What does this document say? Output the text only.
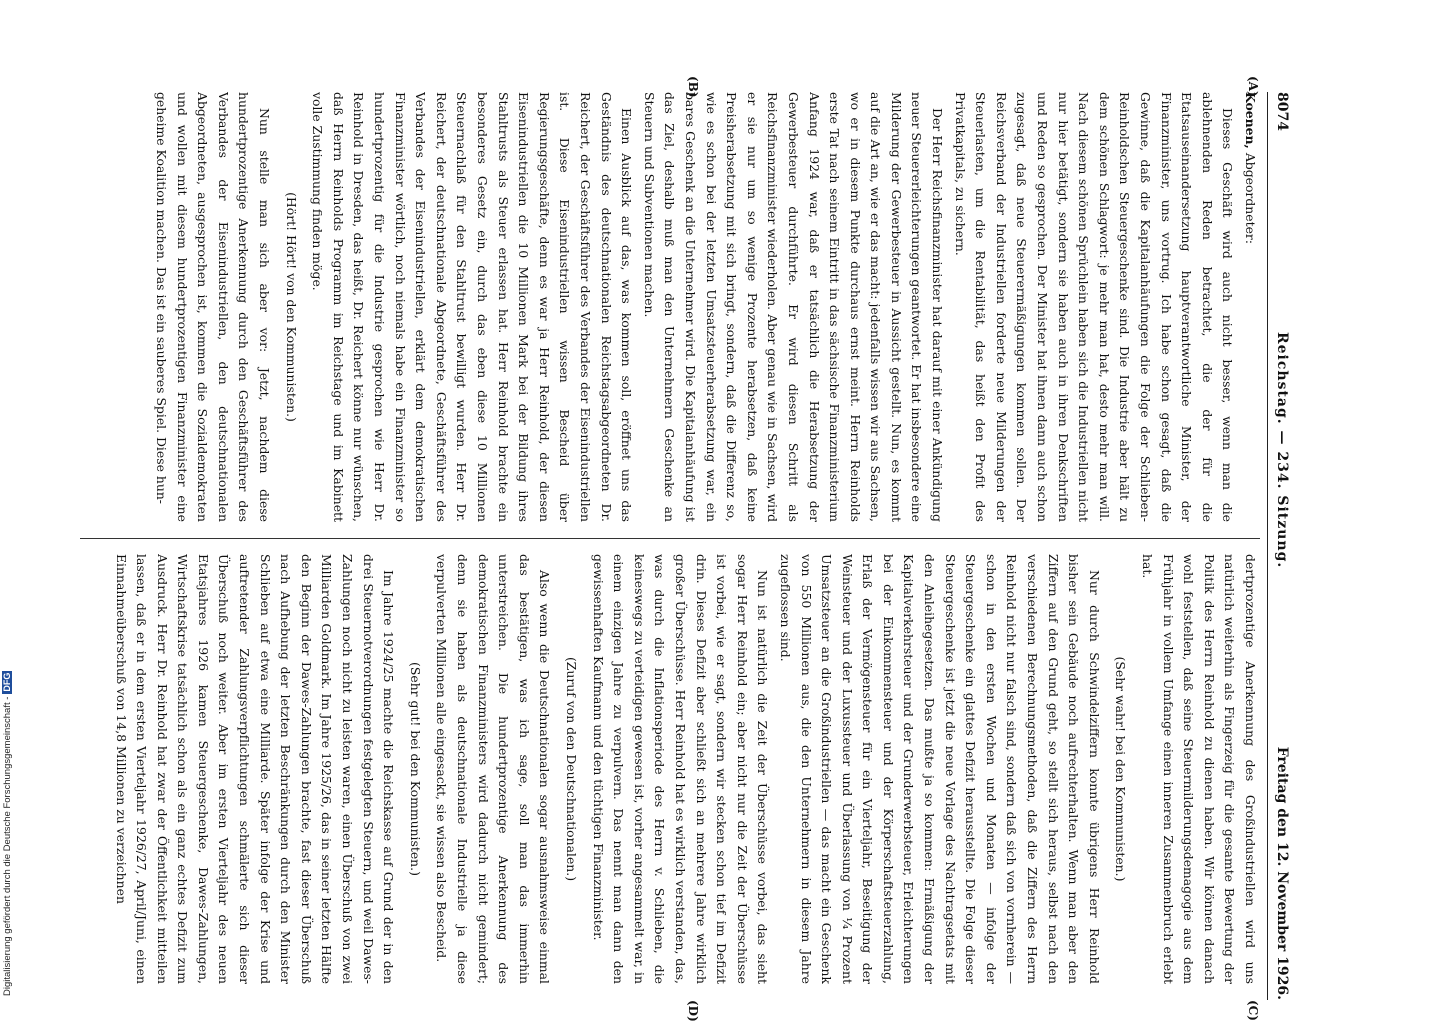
8074
Reichstag. — 234. Sitzung.
Freitag den 12. November 1926.
(A)
(B)
(C)
(D)

Koenen, Abgeordneter:

Dieses Geschäft wird auch nicht besser, wenn man die ablehnenden Reden betrachtet, die der für die Etatsauseinandersetzung hauptverantwortliche Minister, der Finanzminister, uns vortrug. Ich habe schon gesagt, daß die Gewinne, daß die Kapitalanhäufungen die Folge der Schlieben-Reinholdschen Steuergeschenke sind. Die Industrie aber hält zu dem schönen Schlagwort: je mehr man hat, desto mehr man will. Nach diesem schönen Sprüchlein haben sich die Industriellen nicht nur hier betätigt, sondern sie haben auch in ihren Denkschriften und Reden so gesprochen. Der Minister hat ihnen dann auch schon zugesagt, daß neue Steuerermäßigungen kommen sollen. Der Reichsverband der Industriellen forderte neue Milderungen der Steuerlasten, um die Rentabilität, das heißt den Profit des Privatkapitals, zu sichern.

Der Herr Reichsfinanzminister hat darauf mit einer Ankündigung neuer Steuererleichterungen geantwortet. Er hat insbesondere eine Milderung der Gewerbesteuer in Aussicht gestellt. Nun, es kommt auf die Art an, wie er das macht: jedenfalls wissen wir aus Sachsen, wo er in diesem Punkte durchaus ernst meint. Herrn Reinholds erste Tat nach seinem Eintritt in das sächsische Finanzministerium Anfang 1924 war, daß er tatsächlich die Herabsetzung der Gewerbesteuer durchführte. Er wird diesen Schritt als Reichsfinanzminister wiederholen. Aber genau wie in Sachsen, wird er sie nur um so wenige Prozente herabsetzen, daß keine Preisherabsetzung mit sich bringt, sondern, daß die Differenz so, wie es schon bei der letzten Umsatzsteuerherabsetzung war, ein bares Geschenk an die Unternehmer wird. Die Kapitalanhäufung ist das Ziel, deshalb muß man den Unternehmern Geschenke an Steuern und Subventionen machen.

Einen Ausblick auf das, was kommen soll, eröffnet uns das Geständnis des deutschnationalen Reichstagsabgeordneten Dr. Reichert, der Geschäftsführer des Verbandes der Eisenindustriellen ist. Diese Eisenindustriellen wissen Bescheid über Regierungsgeschäfte, denn es war ja Herr Reinhold, der diesen Eisenindustriellen die 10 Millionen Mark bei der Bildung ihres Stahltrusts als Steuer erlassen hat. Herr Reinhold brachte ein besonderes Gesetz ein, durch das eben diese 10 Millionen Steuernachlaß für den Stahltrust bewilligt wurden. Herr Dr. Reichert, der deutschnationale Abgeordnete, Geschäftsführer des Verbandes der Eisenindustriellen, erklärt dem demokratischen Finanzminister wörtlich, noch niemals habe ein Finanzminister so hundertprozentig für die Industrie gesprochen wie Herr Dr. Reinhold in Dresden, das heißt, Dr. Reichert könne nur wünschen, daß Herrn Reinholds Programm im Reichstage und im Kabinett volle Zustimmung finden möge.

(Hört! Hört! von den Kommunisten.)

Nun stelle man sich aber vor: Jetzt, nachdem diese hundertprozentige Anerkennung durch den Geschäftsführer des Verbandes der Eisenindustriellen, den deutschnationalen Abgeordneten, ausgesprochen ist, kommen die Sozialdemokraten und wollen mit diesem hundertprozentigen Finanzminister eine geheime Koalition machen. Das ist ein sauberes Spiel. Diese hun-

dertprozentige Anerkennung des Großindustriellen wird uns natürlich weiterhin als Fingerzeig für die gesamte Bewertung der Politik des Herrn Reinhold zu dienen haben. Wir können danach wohl feststellen, daß seine Steuermilderungsdemagogie aus dem Frühjahr in vollem Umfange einen inneren Zusammenbruch erlebt hat.

(Sehr wahr! bei den Kommunisten.)

Nur durch Schwindelziffern konnte übrigens Herr Reinhold bisher sein Gebäude noch aufrechterhalten. Wenn man aber den Ziffern auf den Grund geht, so stellt sich heraus, selbst nach den verschiedenen Berechnungsmethoden, daß die Ziffern des Herrn Reinhold nicht nur falsch sind, sondern daß sich von vornherein — schon in den ersten Wochen und Monaten — infolge der Steuergeschenke ein glattes Defizit herausstellte. Die Folge dieser Steuergeschenke ist jetzt die neue Vorlage des Nachtragsetats mit den Anleihegesetzen. Das mußte ja so kommen: Ermäßigung der Kapitalverkehrsteuer und der Grunderwerbsteuer, Erleichterungen bei der Einkommensteuer und der Körperschaftsteuerzahlung, Erlaß der Vermögensteuer für ein Vierteljahr, Beseitigung der Weinsteuer und der Luxussteuer und Überlassung von ¼ Prozent Umsatzsteuer an die Großindustriellen — das macht ein Geschenk von 550 Millionen aus, die den Unternehmern in diesem Jahre zugeflossen sind.

Nun ist natürlich die Zeit der Überschüsse vorbei, das sieht sogar Herr Reinhold ein; aber nicht nur die Zeit der Überschüsse ist vorbei, wie er sagt, sondern wir stecken schon tief im Defizit drin. Dieses Defizit aber schließt sich an mehrere Jahre wirklich großer Überschüsse. Herr Reinhold hat es wirklich verstanden, das, was durch die Inflationsperiode des Herrn v. Schlieben, die keineswegs zu verteidigen gewesen ist, vorher angesammelt war, in einem einzigen Jahre zu verpulvern. Das nennt man dann den gewissenhaften Kaufmann und den tüchtigen Finanzminister.

(Zuruf von den Deutschnationalen.)

Also wenn die Deutschnationalen sogar ausnahmsweise einmal das bestätigen, was ich sage, soll man das immerhin unterstreichen. Die hundertprozentige Anerkennung des demokratischen Finanzministers wird dadurch nicht gemindert; denn sie haben als deutschnationale Industrielle ja diese verpulverten Millionen alle eingesackt, sie wissen also Bescheid.

(Sehr gut! bei den Kommunisten.)

Im Jahre 1924/25 machte die Reichskasse auf Grund der in den drei Steuernotverordnungen festgelegten Steuern, und weil Dawes-Zahlungen noch nicht zu leisten waren, einen Überschuß von zwei Milliarden Goldmark. Im Jahre 1925/26, das in seiner letzten Hälfte den Beginn der Dawes-Zahlungen brachte, fast dieser Überschuß nach Aufhebung der letzten Beschränkungen durch den Minister Schlieben auf etwa eine Milliarde. Später infolge der Krise und auftretender Zahlungsverpflichtungen schmälerte sich dieser Überschuß noch weiter. Aber im ersten Vierteljahr des neuen Etatsjahres 1926 kamen Steuergeschenke, Dawes-Zahlungen, Wirtschaftskrise tatsächlich schon als ein ganz echtes Defizit zum Ausdruck. Herr Dr. Reinhold hat zwar der Öffentlichkeit mitteilen lassen, daß er in dem ersten Vierteljahr 1926/27, April/Juni, einen Einnahmeüberschuß von 14,8 Millionen zu verzeichnen

Digitalisierung gefördert durch die Deutsche Forschungsgemeinschaft -DFG
